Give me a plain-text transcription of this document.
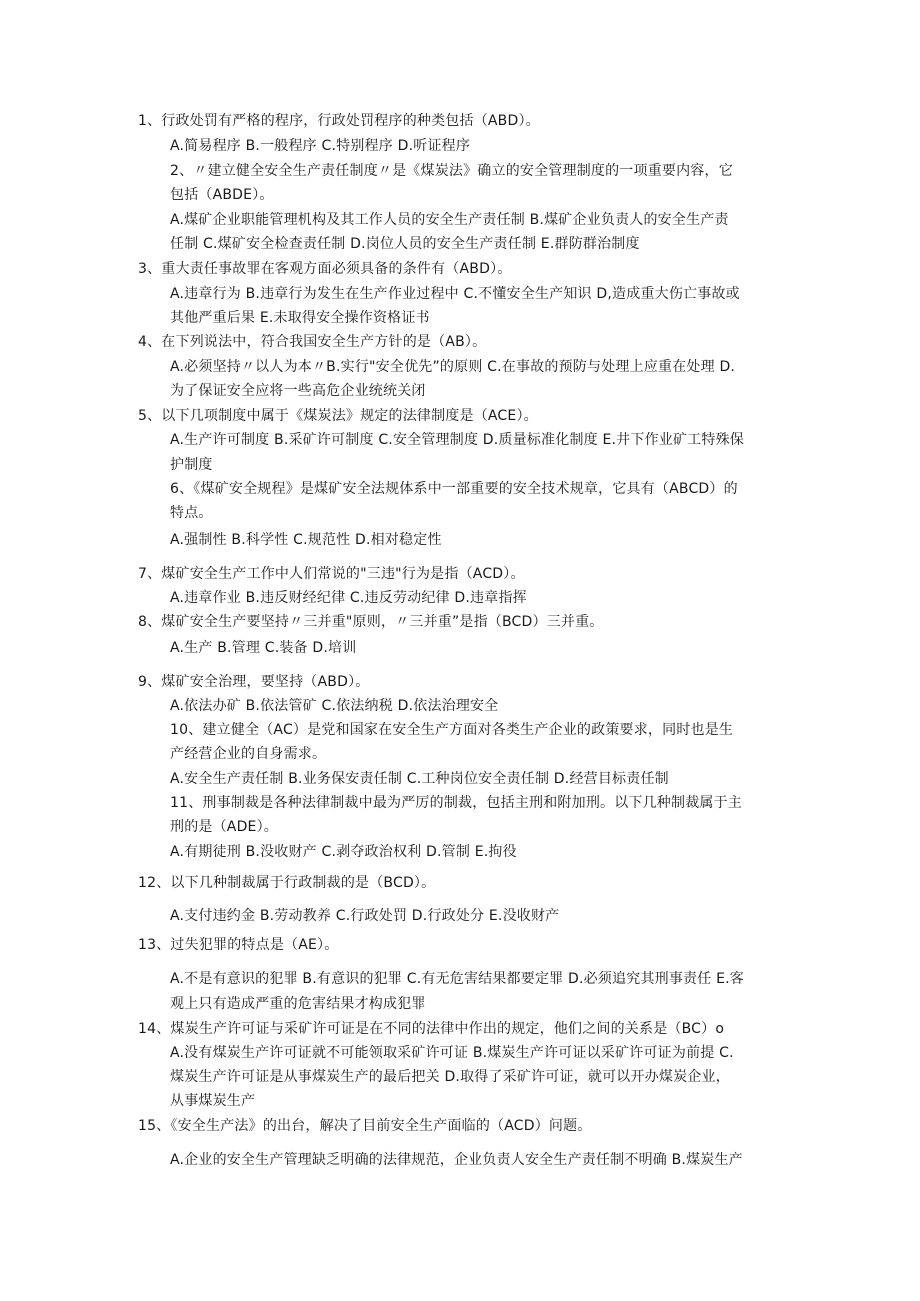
1、行政处罚有严格的程序，行政处罚程序的种类包括（ABD）。
A.简易程序 B.一般程序 C.特别程序 D.听证程序
2、〃建立健全安全生产责任制度〃是《煤炭法》确立的安全管理制度的一项重要内容，它
包括（ABDE）。
A.煤矿企业职能管理机构及其工作人员的安全生产责任制 B.煤矿企业负责人的安全生产责
任制 C.煤矿安全检查责任制 D.岗位人员的安全生产责任制 E.群防群治制度
3、重大责任事故罪在客观方面必须具备的条件有（ABD）。
A.违章行为 B.违章行为发生在生产作业过程中 C.不懂安全生产知识 D,造成重大伤亡事故或
其他严重后果 E.未取得安全操作资格证书
4、在下列说法中，符合我国安全生产方针的是（AB）。
A.必须坚持〃以人为本〃B.实行"安全优先”的原则 C.在事故的预防与处理上应重在处理 D.
为了保证安全应将一些高危企业统统关闭
5、以下几项制度中属于《煤炭法》规定的法律制度是（ACE）。
A.生产许可制度 B.采矿许可制度 C.安全管理制度 D.质量标准化制度 E.井下作业矿工特殊保
护制度
6、《煤矿安全规程》是煤矿安全法规体系中一部重要的安全技术规章，它具有（ABCD）的
特点。
A.强制性 B.科学性 C.规范性 D.相对稳定性
7、煤矿安全生产工作中人们常说的"三违"行为是指（ACD）。
A.违章作业 B.违反财经纪律 C.违反劳动纪律 D.违章指挥
8、煤矿安全生产要坚持〃三并重"原则，〃三并重”是指（BCD）三并重。
A.生产 B.管理 C.装备 D.培训
9、煤矿安全治理，要坚持（ABD）。
A.依法办矿 B.依法管矿 C.依法纳税 D.依法治理安全
10、建立健全（AC）是党和国家在安全生产方面对各类生产企业的政策要求，同时也是生
产经营企业的自身需求。
A.安全生产责任制 B.业务保安责任制 C.工种岗位安全责任制 D.经营目标责任制
11、刑事制裁是各种法律制裁中最为严厉的制裁，包括主刑和附加刑。以下几种制裁属于主
刑的是（ADE）。
A.有期徒刑 B.没收财产 C.剥夺政治权利 D.管制 E.拘役
12、以下几种制裁属于行政制裁的是（BCD）。
A.支付违约金 B.劳动教养 C.行政处罚 D.行政处分 E.没收财产
13、过失犯罪的特点是（AE）。
A.不是有意识的犯罪 B.有意识的犯罪 C.有无危害结果都要定罪 D.必须追究其刑事责任 E.客
观上只有造成严重的危害结果才构成犯罪
14、煤炭生产许可证与采矿许可证是在不同的法律中作出的规定，他们之间的关系是（BC）o
A.没有煤炭生产许可证就不可能领取采矿许可证 B.煤炭生产许可证以采矿许可证为前提 C.
煤炭生产许可证是从事煤炭生产的最后把关 D.取得了采矿许可证，就可以开办煤炭企业，
从事煤炭生产
15、《安全生产法》的出台，解决了目前安全生产面临的（ACD）问题。
A.企业的安全生产管理缺乏明确的法律规范，企业负责人安全生产责任制不明确 B.煤炭生产
